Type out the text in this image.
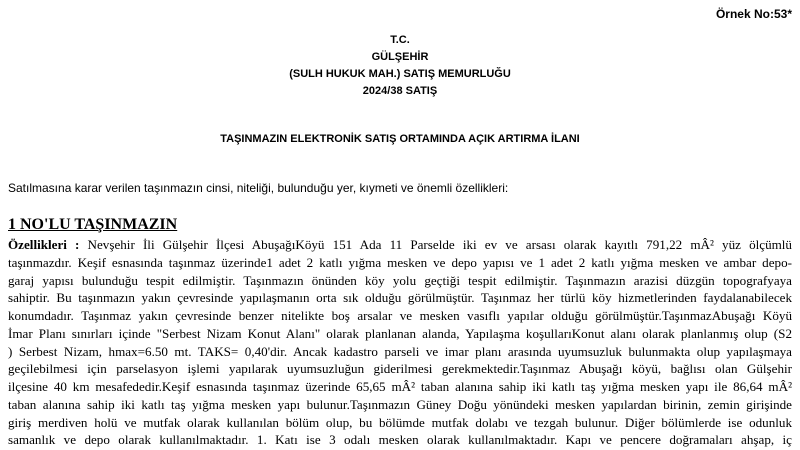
Örnek No:53*
T.C.
GÜLŞEHİR
(SULH HUKUK MAH.) SATIŞ MEMURLUĞU
2024/38 SATIŞ
TAŞINMAZIN ELEKTRONİK SATIŞ ORTAMINDA AÇIK ARTIRMA İLANI
Satılmasına karar verilen taşınmazın cinsi, niteliği, bulunduğu yer, kıymeti ve önemli özellikleri:
1 NO'LU TAŞINMAZIN
Özellikleri : Nevşehir İli Gülşehir İlçesi AbuşağıKöyü 151 Ada 11 Parselde iki ev ve arsası olarak kayıtlı 791,22 mÂ² yüz ölçümlü
taşınmazdır. Keşif esnasında taşınmaz üzerinde1 adet 2 katlı yığma mesken ve depo yapısı ve 1 adet 2 katlı yığma mesken ve ambar depo-
garaj yapısı bulunduğu tespit edilmiştir. Taşınmazın önünden köy yolu geçtiği tespit edilmiştir. Taşınmazın arazisi düzgün topografyaya
sahiptir. Bu taşınmazın yakın çevresinde yapılaşmanın orta sık olduğu görülmüştür. Taşınmaz her türlü köy hizmetlerinden faydalanabilecek
konumdadır. Taşınmaz yakın çevresinde benzer nitelikte boş arsalar ve mesken vasıflı yapılar olduğu görülmüştür.TaşınmazAbuşağı Köyü
İmar Planı sınırları içinde "Serbest Nizam Konut Alanı" olarak planlanan alanda, Yapılaşma koşullarıKonut alanı olarak planlanmış olup (S2
) Serbest Nizam, hmax=6.50 mt. TAKS= 0,40'dir. Ancak kadastro parseli ve imar planı arasında uyumsuzluk bulunmakta olup yapılaşmaya
geçilebilmesi için parselasyon işlemi yapılarak uyumsuzluğun giderilmesi gerekmektedir.Taşınmaz Abuşağı köyü, bağlısı olan Gülşehir
ilçesine 40 km mesafededir.Keşif esnasında taşınmaz üzerinde 65,65 mÂ² taban alanına sahip iki katlı taş yığma mesken yapı ile 86,64 mÂ²
taban alanına sahip iki katlı taş yığma mesken yapı bulunur.Taşınmazın Güney Doğu yönündeki mesken yapılardan birinin, zemin girişinde
giriş merdiven holü ve mutfak olarak kullanılan bölüm olup, bu bölümde mutfak dolabı ve tezgah bulunur. Diğer bölümlerde ise odunluk
samanlık ve depo olarak kullanılmaktadır. 1. Katı ise 3 odalı mesken olarak kullanılmaktadır. Kapı ve pencere doğramaları ahşap, iç
